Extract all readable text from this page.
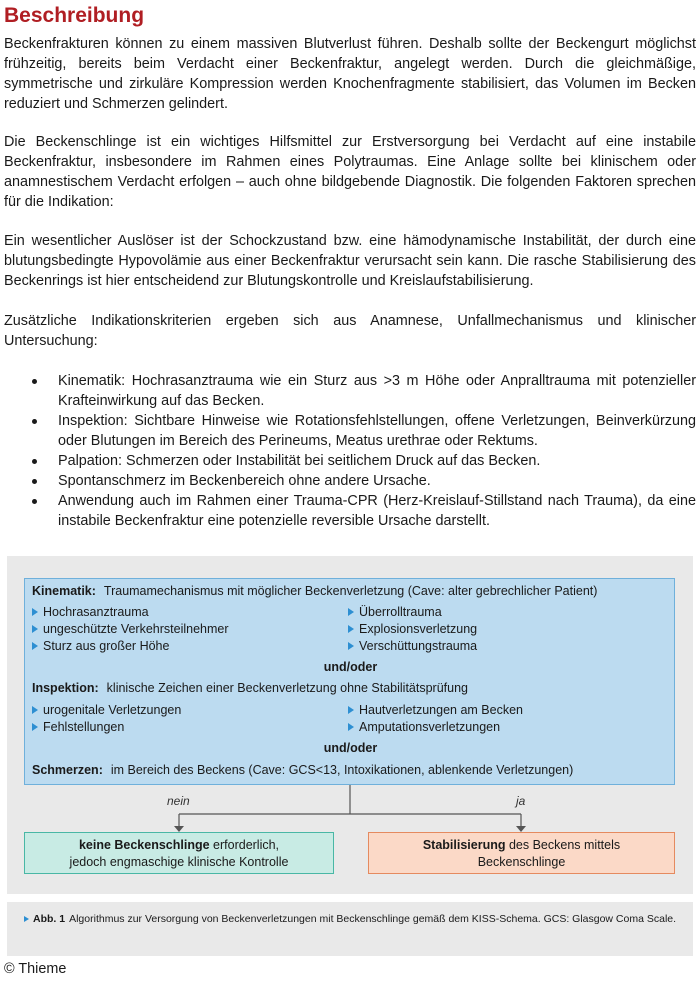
Beschreibung

Beckenfrakturen können zu einem massiven Blutverlust führen. Deshalb sollte der Beckengurt möglichst frühzeitig, bereits beim Verdacht einer Beckenfraktur, angelegt werden. Durch die gleichmäßige, symmetrische und zirkuläre Kompression werden Knochenfragmente stabilisiert, das Volumen im Becken reduziert und Schmerzen gelindert.

Die Beckenschlinge ist ein wichtiges Hilfsmittel zur Erstversorgung bei Verdacht auf eine instabile Beckenfraktur, insbesondere im Rahmen eines Polytraumas. Eine Anlage sollte bei klinischem oder anamnestischem Verdacht erfolgen – auch ohne bildgebende Diagnostik. Die folgenden Faktoren sprechen für die Indikation:

Ein wesentlicher Auslöser ist der Schockzustand bzw. eine hämodynamische Instabilität, der durch eine blutungsbedingte Hypovolämie aus einer Beckenfraktur verursacht sein kann. Die rasche Stabilisierung des Beckenrings ist hier entscheidend zur Blutungskontrolle und Kreislaufstabilisierung.

Zusätzliche Indikationskriterien ergeben sich aus Anamnese, Unfallmechanismus und klinischer Untersuchung:

Kinematik: Hochrasanztrauma wie ein Sturz aus >3 m Höhe oder Anpralltrauma mit potenzieller Krafteinwirkung auf das Becken.
Inspektion: Sichtbare Hinweise wie Rotationsfehlstellungen, offene Verletzungen, Beinverkürzung oder Blutungen im Bereich des Perineums, Meatus urethrae oder Rektums.
Palpation: Schmerzen oder Instabilität bei seitlichem Druck auf das Becken.
Spontanschmerz im Beckenbereich ohne andere Ursache.
Anwendung auch im Rahmen einer Trauma-CPR (Herz-Kreislauf-Stillstand nach Trauma), da eine instabile Beckenfraktur eine potenzielle reversible Ursache darstellt.
Kinematik: Traumamechanismus mit möglicher Beckenverletzung (Cave: alter gebrechlicher Patient)
Hochrasanztrauma
ungeschützte Verkehrsteilnehmer
Sturz aus großer Höhe
Überrolltrauma
Explosionsverletzung
Verschüttungstrauma
und/oder
Inspektion: klinische Zeichen einer Beckenverletzung ohne Stabilitätsprüfung
urogenitale Verletzungen
Fehlstellungen
Hautverletzungen am Becken
Amputationsverletzungen
und/oder
Schmerzen: im Bereich des Beckens (Cave: GCS<13, Intoxikationen, ablenkende Verletzungen)
nein	ja
keine Beckenschlinge erforderlich,
jedoch engmaschige klinische Kontrolle
Stabilisierung des Beckens mittels
Beckenschlinge
Abb. 1 Algorithmus zur Versorgung von Beckenverletzungen mit Beckenschlinge gemäß dem KISS-Schema. GCS: Glasgow Coma Scale.
© Thieme
